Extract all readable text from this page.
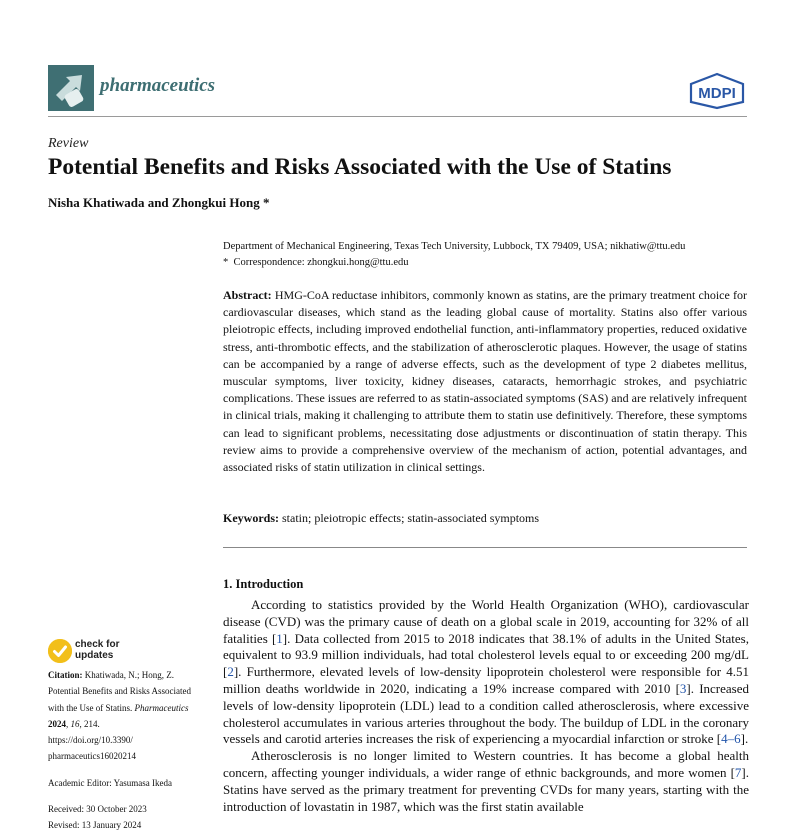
pharmaceutics	MDPI
Review
Potential Benefits and Risks Associated with the Use of Statins
Nisha Khatiwada and Zhongkui Hong *
Department of Mechanical Engineering, Texas Tech University, Lubbock, TX 79409, USA; nikhatiw@ttu.edu
* Correspondence: zhongkui.hong@ttu.edu

Abstract: HMG-CoA reductase inhibitors, commonly known as statins, are the primary treatment choice for cardiovascular diseases, which stand as the leading global cause of mortality. Statins also offer various pleiotropic effects, including improved endothelial function, anti-inflammatory properties, reduced oxidative stress, anti-thrombotic effects, and the stabilization of atherosclerotic plaques. However, the usage of statins can be accompanied by a range of adverse effects, such as the development of type 2 diabetes mellitus, muscular symptoms, liver toxicity, kidney diseases, cataracts, hemorrhagic strokes, and psychiatric complications. These issues are referred to as statin-associated symptoms (SAS) and are relatively infrequent in clinical trials, making it challenging to attribute them to statin use definitively. Therefore, these symptoms can lead to significant problems, necessitating dose adjustments or discontinuation of statin therapy. This review aims to provide a comprehensive overview of the mechanism of action, potential advantages, and associated risks of statin utilization in clinical settings.

Keywords: statin; pleiotropic effects; statin-associated symptoms
1. Introduction

According to statistics provided by the World Health Organization (WHO), cardiovascular disease (CVD) was the primary cause of death on a global scale in 2019, accounting for 32% of all fatalities [1]. Data collected from 2015 to 2018 indicates that 38.1% of adults in the United States, equivalent to 93.9 million individuals, had total cholesterol levels equal to or exceeding 200 mg/dL [2]. Furthermore, elevated levels of low-density lipoprotein cholesterol were responsible for 4.51 million deaths worldwide in 2020, indicating a 19% increase compared with 2010 [3]. Increased levels of low-density lipoprotein (LDL) lead to a condition called atherosclerosis, where excessive cholesterol accumulates in various arteries throughout the body. The buildup of LDL in the coronary vessels and carotid arteries increases the risk of experiencing a myocardial infarction or stroke [4–6].

Atherosclerosis is no longer limited to Western countries. It has become a global health concern, affecting younger individuals, a wider range of ethnic backgrounds, and more women [7]. Statins have served as the primary treatment for preventing CVDs for many years, starting with the introduction of lovastatin in 1987, which was the first statin available

check for
updates
Citation: Khatiwada, N.; Hong, Z. Potential Benefits and Risks Associated with the Use of Statins. Pharmaceutics 2024, 16, 214.
https://doi.org/10.3390/
pharmaceutics16020214
Academic Editor: Yasumasa Ikeda
Received: 30 October 2023
Revised: 13 January 2024
